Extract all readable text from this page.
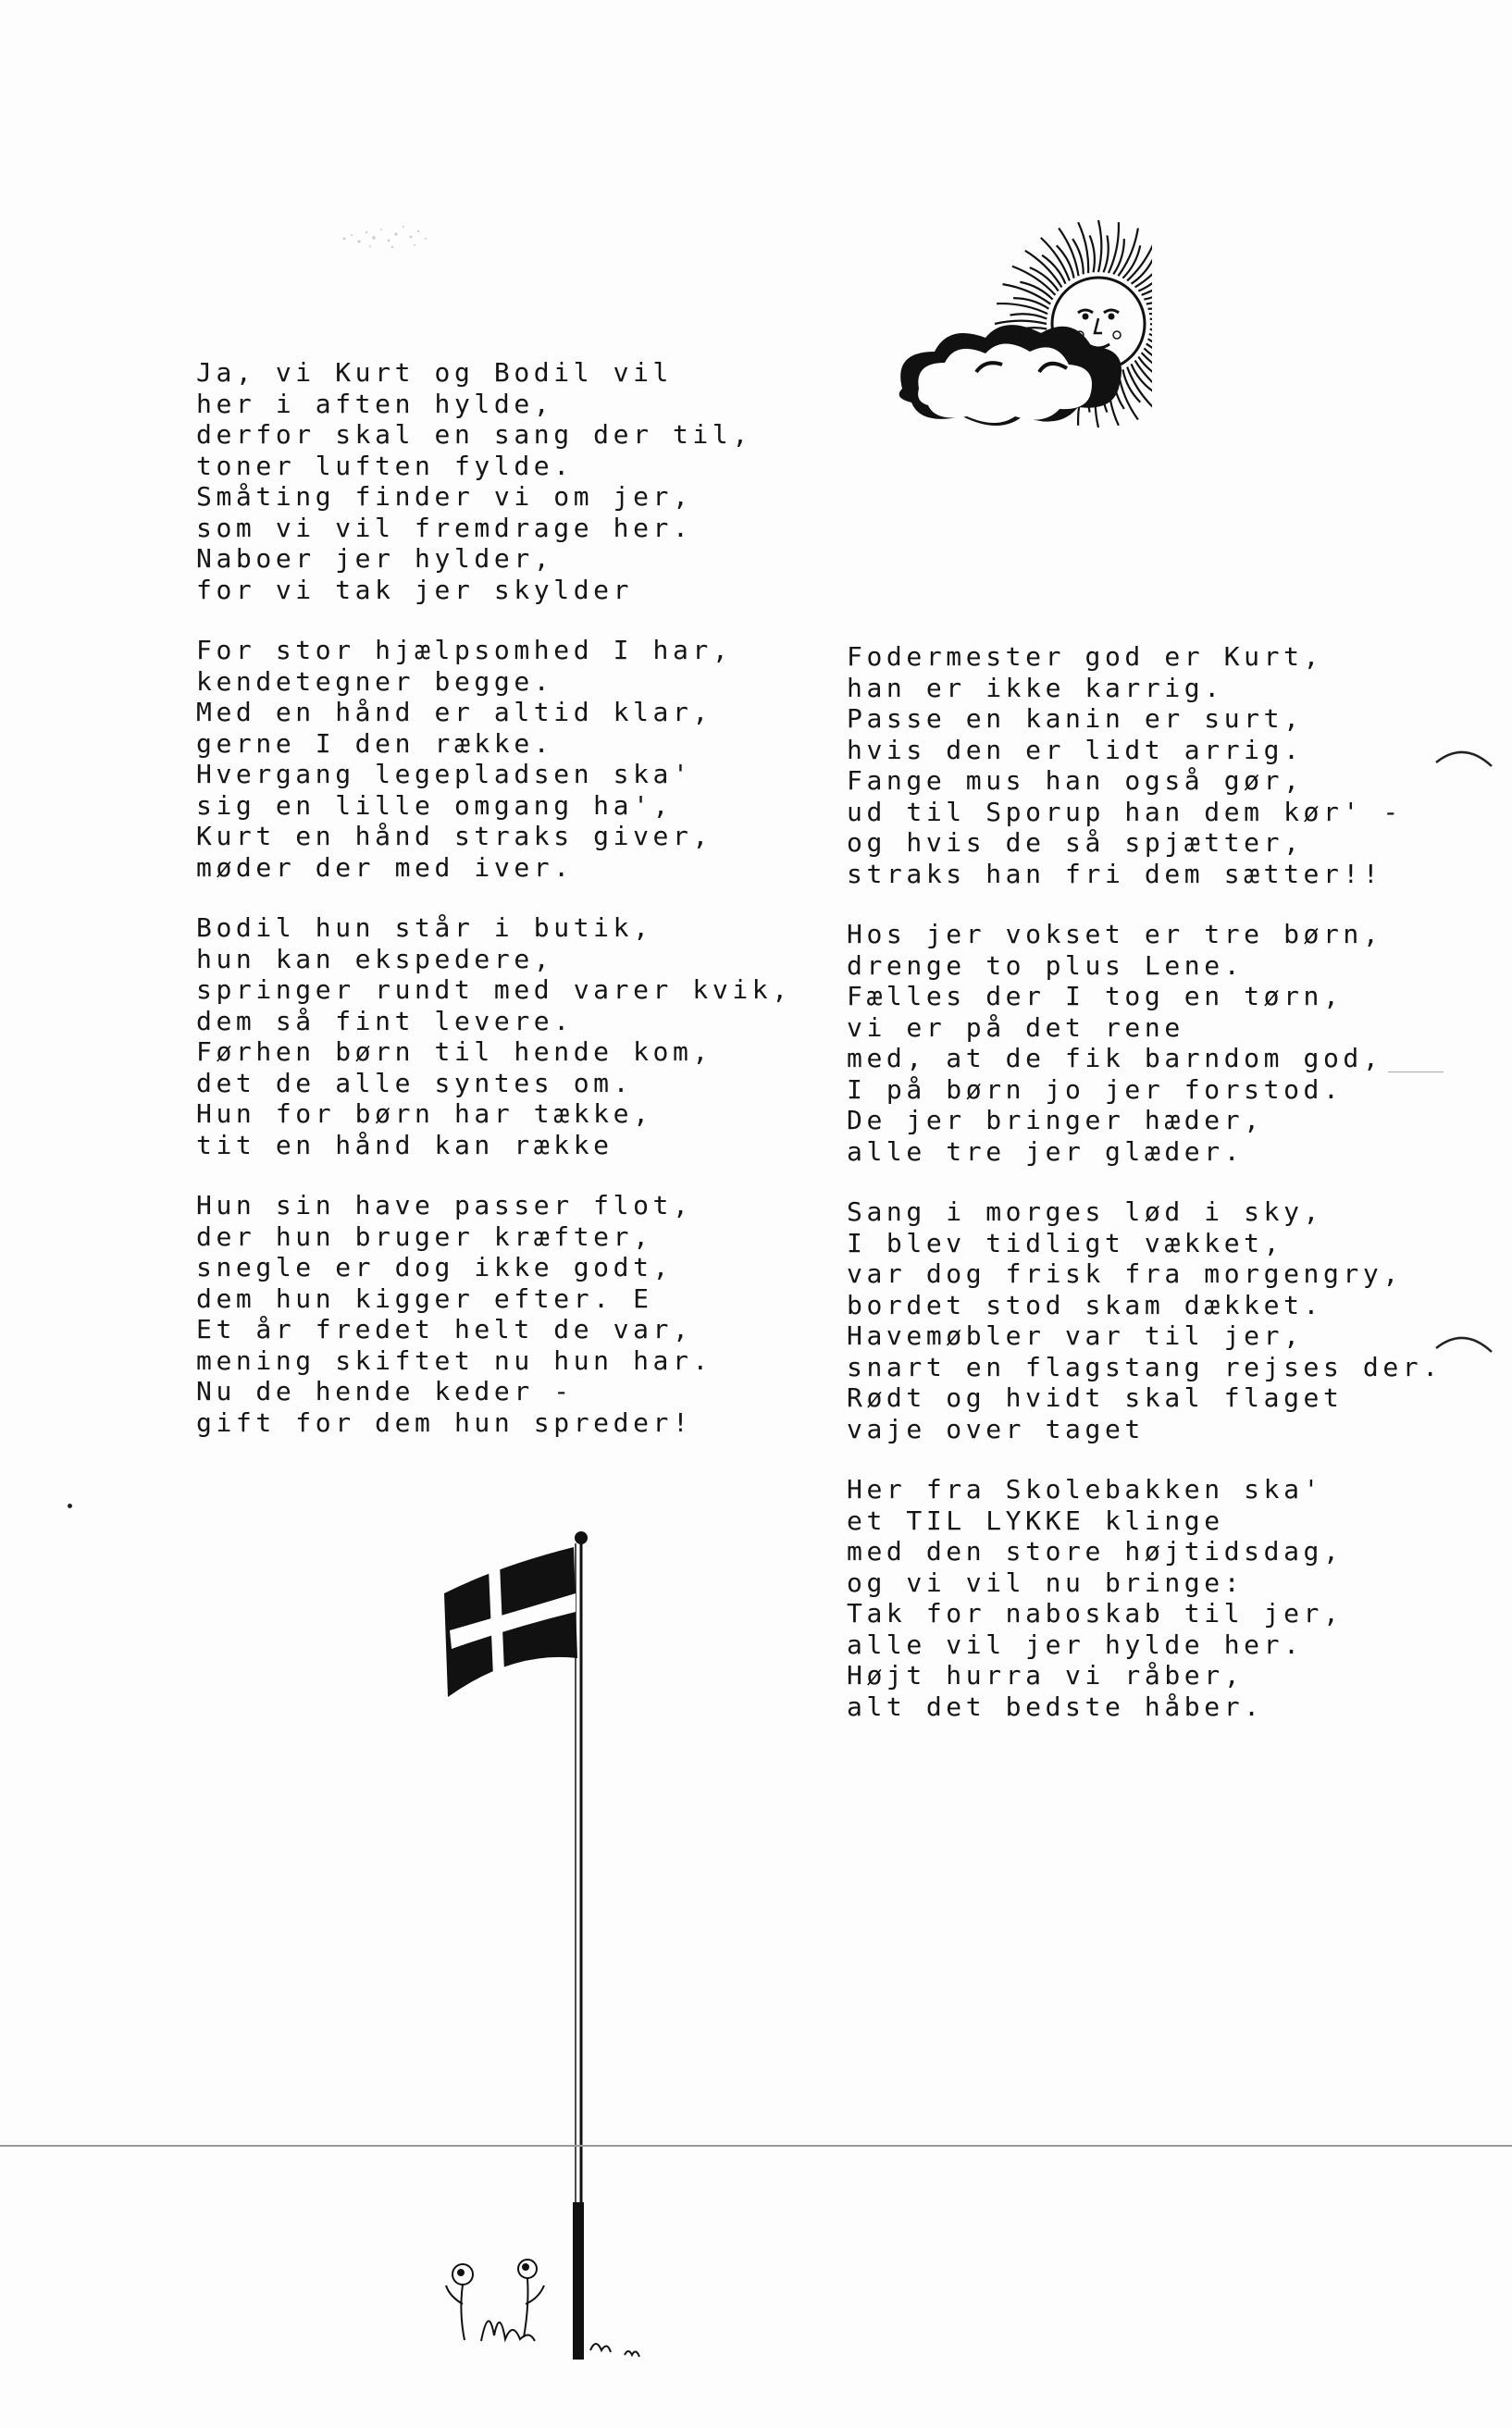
Ja, vi Kurt og Bodil vil
her i aften hylde,
derfor skal en sang der til,
toner luften fylde.
Småting finder vi om jer,
som vi vil fremdrage her.
Naboer jer hylder,
for vi tak jer skylder
For stor hjælpsomhed I har,
kendetegner begge.
Med en hånd er altid klar,
gerne I den række.
Hvergang legepladsen ska'
sig en lille omgang ha',
Kurt en hånd straks giver,
møder der med iver.
Bodil hun står i butik,
hun kan ekspedere,
springer rundt med varer kvik,
dem så fint levere.
Førhen børn til hende kom,
det de alle syntes om.
Hun for børn har tække,
tit en hånd kan række
Hun sin have passer flot,
der hun bruger kræfter,
snegle er dog ikke godt,
dem hun kigger efter. E
Et år fredet helt de var,
mening skiftet nu hun har.
Nu de hende keder -
gift for dem hun spreder!
Fodermester god er Kurt,
han er ikke karrig.
Passe en kanin er surt,
hvis den er lidt arrig.
Fange mus han også gør,
ud til Sporup han dem kør' -
og hvis de så spjætter,
straks han fri dem sætter!!
Hos jer vokset er tre børn,
drenge to plus Lene.
Fælles der I tog en tørn,
vi er på det rene
med, at de fik barndom god,
I på børn jo jer forstod.
De jer bringer hæder,
alle tre jer glæder.
Sang i morges lød i sky,
I blev tidligt vækket,
var dog frisk fra morgengry,
bordet stod skam dækket.
Havemøbler var til jer,
snart en flagstang rejses der.
Rødt og hvidt skal flaget
vaje over taget
Her fra Skolebakken ska'
et TIL LYKKE klinge
med den store højtidsdag,
og vi vil nu bringe:
Tak for naboskab til jer,
alle vil jer hylde her.
Højt hurra vi råber,
alt det bedste håber.
